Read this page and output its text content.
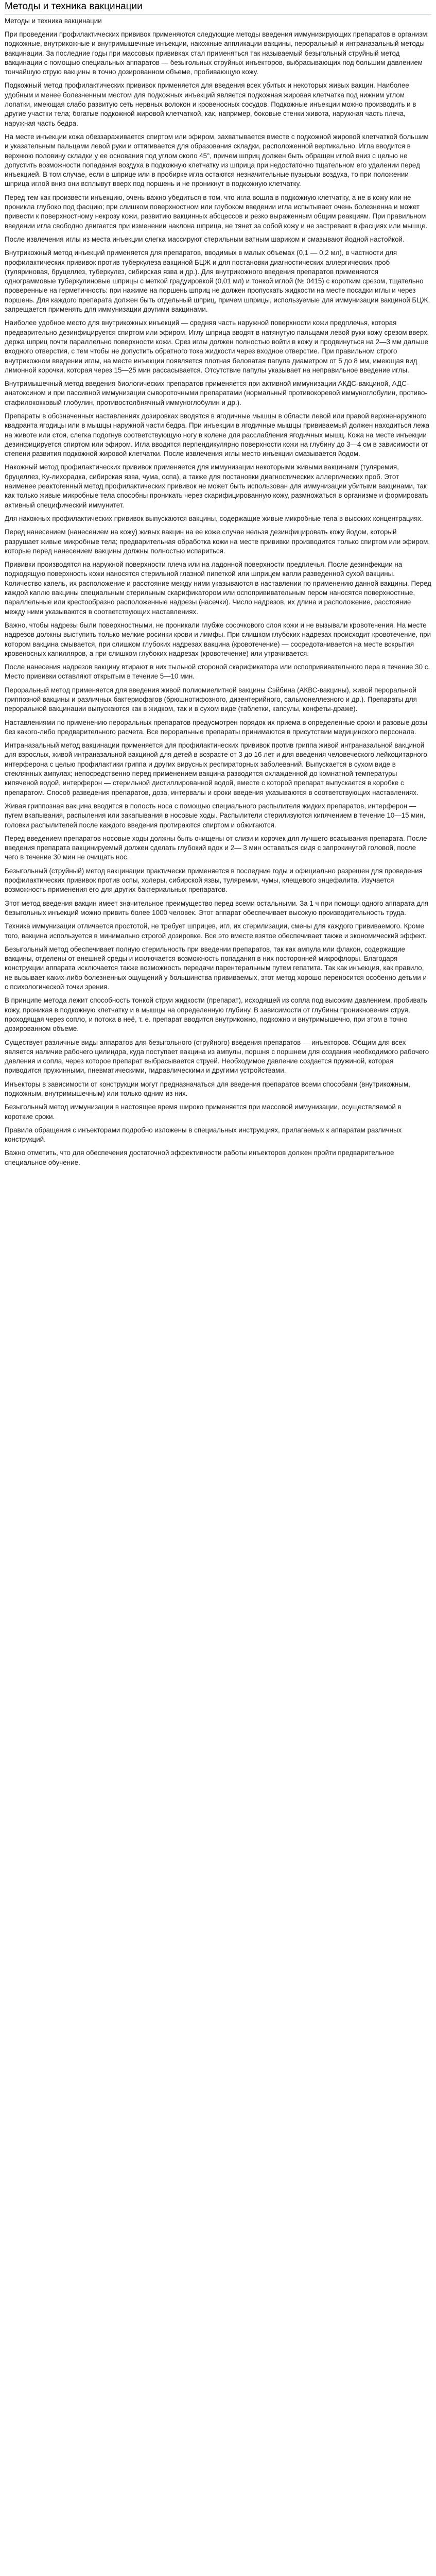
Методы и техника вакцинации
Методы и техника вакцинации

При проведении профилактических прививок применяются следующие методы введения иммунизирующих препаратов в организм: подкожные, внутрикожные и внутримышечные инъекции, накожные аппликации вакцины, пероральный и интраназальный методы вакцинации. За последние годы при массовых прививках стал применяться так называемый безыгольный струйный метод вакцинации с помощью специальных аппаратов — безыгольных струйных инъекторов, выбрасывающих под большим давлением тончайшую струю вакцины в точно дозированном объеме, пробивающую кожу.

Подкожный метод профилактических прививок применяется для введения всех убитых и некоторых живых вакцин. Наиболее удобным и менее болезненным местом для подкожных инъекций является подкожная жировая клетчатка под нижним углом лопатки, имеющая слабо развитую сеть нервных волокон и кровеносных сосудов. Подкожные инъекции можно производить и в другие участки тела; богатые подкожной жировой клетчаткой, как, например, боковые стенки живота, наружная часть плеча, наружная часть бедра.

На месте инъекции кожа обеззараживается спиртом или эфиром, захватывается вместе с подкожной жировой клетчаткой большим и указательным пальцами левой руки и оттягивается для образования складки, расположенной вертикально. Игла вводится в верхнюю половину складки у ее основания под углом около 45°, причем шприц должен быть обращен иглой вниз с целью не допустить возможности попадания воздуха в подкожную клетчатку из шприца при недостаточно тщательном его удалении перед инъекцией. В том случае, если в шприце или в пробирке игла остаются незначительные пузырьки воздуха, то при положении шприца иглой вниз они всплывут вверх под поршень и не проникнут в подкожную клетчатку.

Перед тем как произвести инъекцию, очень важно убедиться в том, что игла вошла в подкожную клетчатку, а не в кожу или не проникла глубоко под фасцию; при слишком поверхностном или глубоком введении игла испытывает очень болезненна и может привести к поверхностному некрозу кожи, развитию вакцинных абсцессов и резко выраженным общим реакциям. При правильном введении игла свободно двигается при изменении наклона шприца, не тянет за собой кожу и не застревает в фасциях или мышце.

После извлечения иглы из места инъекции слегка массируют стерильным ватным шариком и смазывают йодной настойкой.

Внутрикожный метод инъекций применяется для препаратов, вводимых в малых объемах (0,1 — 0,2 мл), в частности для профилактических прививок против туберкулеза вакциной БЦЖ и для постановки диагностических аллергических проб (туляриновая, бруцеллез, туберкулез, сибирская язва и др.). Для внутрикожного введения препаратов применяются однограммовые туберкулиновые шприцы с меткой градуировкой (0,01 мл) и тонкой иглой (№ 0415) с коротким срезом, тщательно проверенные на герметичность: при нажиме на поршень шприц не должен пропускать жидкости на месте посадки иглы и через поршень. Для каждого препарата должен быть отдельный шприц, причем шприцы, используемые для иммунизации вакциной БЦЖ, запрещается применять для иммунизации другими вакцинами.

Наиболее удобное место для внутрикожных инъекций — средняя часть наружной поверхности кожи предплечья, которая предварительно дезинфицируется спиртом или эфиром. Иглу шприца вводят в натянутую пальцами левой руки кожу срезом вверх, держа шприц почти параллельно поверхности кожи. Срез иглы должен полностью войти в кожу и продвинуться на 2—3 мм дальше входного отверстия, с тем чтобы не допустить обратного тока жидкости через входное отверстие. При правильном строго внутрикожном введении иглы, на месте инъекции появляется плотная беловатая папула диаметром от 5 до 8 мм, имеющая вид лимонной корочки, которая через 15—25 мин рассасывается. Отсутствие папулы указывает на неправильное введение иглы.

Внутримышечный метод введения биологических препаратов применяется при активной иммунизации АКДС-вакциной, АДС-анатоксином и при пассивной иммунизации сывороточными препаратами (нормальный противокоревой иммуноглобулин, противо-стафилококковый глобулин, противостолбнячный иммуноглобулин и др.).

Препараты в обозначенных наставлениях дозировках вводятся в ягодичные мышцы в области левой или правой верхненаружного квадранта ягодицы или в мышцы наружной части бедра. При инъекции в ягодичные мышцы прививаемый должен находиться лежа на животе или стоя, слегка подогнув соответствующую ногу в колене для расслабления ягодичных мышц. Кожа на месте инъекции дезинфицируется спиртом или эфиром. Игла вводится перпендикулярно поверхности кожи на глубину до 3—4 см в зависимости от степени развития подкожной жировой клетчатки. После извлечения иглы место инъекции смазывается йодом.

Накожный метод профилактических прививок применяется для иммунизации некоторыми живыми вакцинами (туляремия, бруцеллез, Ку-лихорадка, сибирская язва, чума, оспа), а также для постановки диагностических аллергических проб. Этот наименее реактогенный метод профилактических прививок не может быть использован для иммунизации убитыми вакцинами, так как только живые микробные тела способны проникать через скарифицированную кожу, размножаться в организме и формировать активный специфический иммунитет.

Для накожных профилактических прививок выпускаются вакцины, содержащие живые микробные тела в высоких концентрациях.

Перед нанесением (нанесением на кожу) живых вакцин на ее коже случае нельзя дезинфицировать кожу йодом, который разрушает живые микробные тела; предварительная обработка кожи на месте прививки производится только спиртом или эфиром, которые перед нанесением вакцины должны полностью испариться.

Прививки производятся на наружной поверхности плеча или на ладонной поверхности предплечья. После дезинфекции на подходящую поверхность кожи наносятся стерильной глазной пипеткой или шприцем капли разведенной сухой вакцины. Количество капель, их расположение и расстояние между ними указываются в наставлении по применению данной вакцины. Перед каждой каплю вакцины специальным стерильным скарификатором или оспопрививательным пером наносятся поверхностные, параллельные или крестообразно расположенные надрезы (насечки). Число надрезов, их длина и расположение, расстояние между ними указываются в соответствующих наставлениях.

Важно, чтобы надрезы были поверхностными, не проникали глубже сосочкового слоя кожи и не вызывали кровотечения. На месте надрезов должны выступить только мелкие росинки крови и лимфы. При слишком глубоких надрезах происходит кровотечение, при котором вакцина смывается, при слишком глубоких надрезах вакцина (кровотечение) — сосредотачивается на месте вскрытия кровеносных капилляров, а при слишком глубоких надрезах (кровотечение) или утрачивается.

После нанесения надрезов вакцину втирают в них тыльной стороной скарификатора или оспопрививательного пера в течение 30 с. Место прививки оставляют открытым в течение 5—10 мин.

Пероральный метод применяется для введения живой полиомиелитной вакцины Сэйбина (АКВС-вакцины), живой пероральной гриппозной вакцины и различных бактериофагов (брюшнотифозного, дизентерийного, сальмонеллезного и др.). Препараты для пероральной вакцинации выпускаются как в жидком, так и в сухом виде (таблетки, капсулы, конфеты-драже).

Наставлениями по применению пероральных препаратов предусмотрен порядок их приема в определенные сроки и разовые дозы без какого-либо предварительного расчета. Все пероральные препараты принимаются в присутствии медицинского персонала.

Интраназальный метод вакцинации применяется для профилактических прививок против гриппа живой интраназальной вакциной для взрослых, живой интраназальной вакциной для детей в возрасте от 3 до 16 лет и для введения человеческого лейкоцитарного интерферона с целью профилактики гриппа и других вирусных респираторных заболеваний. Выпускается в сухом виде в стеклянных ампулах; непосредственно перед применением вакцина разводится охлажденной до комнатной температуры кипяченой водой, интерферон — стерильной дистиллированной водой, вместе с которой препарат выпускается в коробке с препаратом. Способ разведения препаратов, доза, интервалы и сроки введения указываются в соответствующих наставлениях.

Живая гриппозная вакцина вводится в полость носа с помощью специального распылителя жидких препаратов, интерферон — пугем вкапывания, распыления или закапывания в носовые ходы. Распылители стерилизуются кипячением в течение 10—15 мин, головки распылителей после каждого введения протираются спиртом и обжигаются.

Перед введением препаратов носовые ходы должны быть очищены от слизи и корочек для лучшего всасывания препарата. После введения препарата вакцинируемый должен сделать глубокий вдох и 2— 3 мин оставаться сидя с запрокинутой головой, после чего в течение 30 мин не очищать нос.

Безыгольный (струйный) метод вакцинации практически применяется в последние годы и официально разрешен для проведения профилактических прививок против оспы, холеры, сибирской язвы, туляремии, чумы, клещевого энцефалита. Изучается возможность применения его для других бактериальных препаратов.

Этот метод введения вакцин имеет значительное преимущество перед всеми остальными. За 1 ч при помощи одного аппарата для безыгольных инъекций можно привить более 1000 человек. Этот аппарат обеспечивает высокую производительность труда.

Техника иммунизации отличается простотой, не требует шприцев, игл, их стерилизации, смены для каждого прививаемого. Кроме того, вакцина используется в минимально строгой дозировке. Все это вместе взятое обеспечивает также и экономический эффект.

Безыгольный метод обеспечивает полную стерильность при введении препаратов, так как ампула или флакон, содержащие вакцины, отделены от внешней среды и исключается возможность попадания в них посторонней микрофлоры. Благодаря конструкции аппарата исключается также возможность передачи парентеральным путем гепатита. Так как инъекция, как правило, не вызывает каких-либо болезненных ощущений у большинства прививаемых, этот метод хорошо переносится особенно детьми и с психологической точки зрения.

В принципе метода лежит способность тонкой струи жидкости (препарат), исходящей из сопла под высоким давлением, пробивать кожу, проникая в подкожную клетчатку и в мышцы на определенную глубину. В зависимости от глубины проникновения струя, проходящая через сопло, и потока в неё, т. е. препарат вводится внутрикожно, подкожно и внутримышечно, при этом в точно дозированном объеме.

Существует различные виды аппаратов для безыгольного (струйного) введения препаратов — инъекторов. Общим для всех является наличие рабочего цилиндра, куда поступает вакцина из ампулы, поршня с поршнем для создания необходимого рабочего давления и сопла, через которое препарат выбрасывается струей. Необходимое давление создается пружиной, которая приводится пружинными, пневматическими, гидравлическими и другими устройствами.

Инъекторы в зависимости от конструкции могут предназначаться для введения препаратов всеми способами (внутрикожным, подкожным, внутримышечным) или только одним из них.

Безыгольный метод иммунизации в настоящее время широко применяется при массовой иммунизации, осуществляемой в короткие сроки.

Правила обращения с инъекторами подробно изложены в специальных инструкциях, прилагаемых к аппаратам различных конструкций.

Важно отметить, что для обеспечения достаточной эффективности работы инъекторов должен пройти предварительное специальное обучение.
